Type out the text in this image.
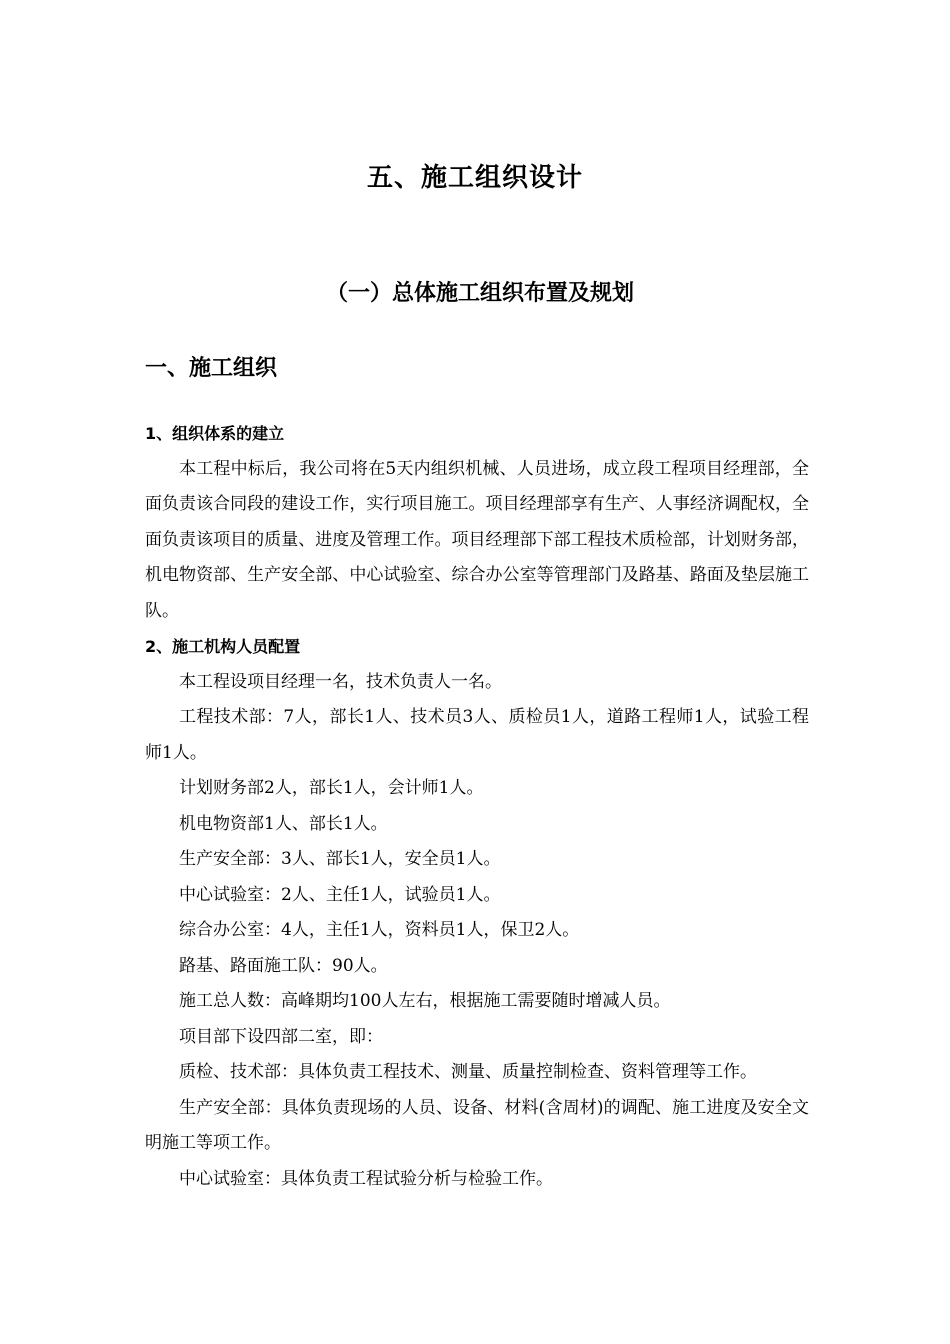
五、施工组织设计
（一）总体施工组织布置及规划
一、施工组织

1、组织体系的建立

本工程中标后，我公司将在5天内组织机械、人员进场，成立段工程项目经理部，全面负责该合同段的建设工作，实行项目施工。项目经理部享有生产、人事经济调配权，全面负责该项目的质量、进度及管理工作。项目经理部下部工程技术质检部，计划财务部，机电物资部、生产安全部、中心试验室、综合办公室等管理部门及路基、路面及垫层施工队。

2、施工机构人员配置

本工程设项目经理一名，技术负责人一名。

工程技术部：7人，部长1人、技术员3人、质检员1人，道路工程师1人，试验工程师1人。

计划财务部2人，部长1人，会计师1人。

机电物资部1人、部长1人。

生产安全部：3人、部长1人，安全员1人。

中心试验室：2人、主任1人，试验员1人。

综合办公室：4人，主任1人，资料员1人，保卫2人。

路基、路面施工队：90人。

施工总人数：高峰期均100人左右，根据施工需要随时增减人员。

项目部下设四部二室，即：

质检、技术部：具体负责工程技术、测量、质量控制检查、资料管理等工作。

生产安全部：具体负责现场的人员、设备、材料(含周材)的调配、施工进度及安全文明施工等项工作。

中心试验室：具体负责工程试验分析与检验工作。
